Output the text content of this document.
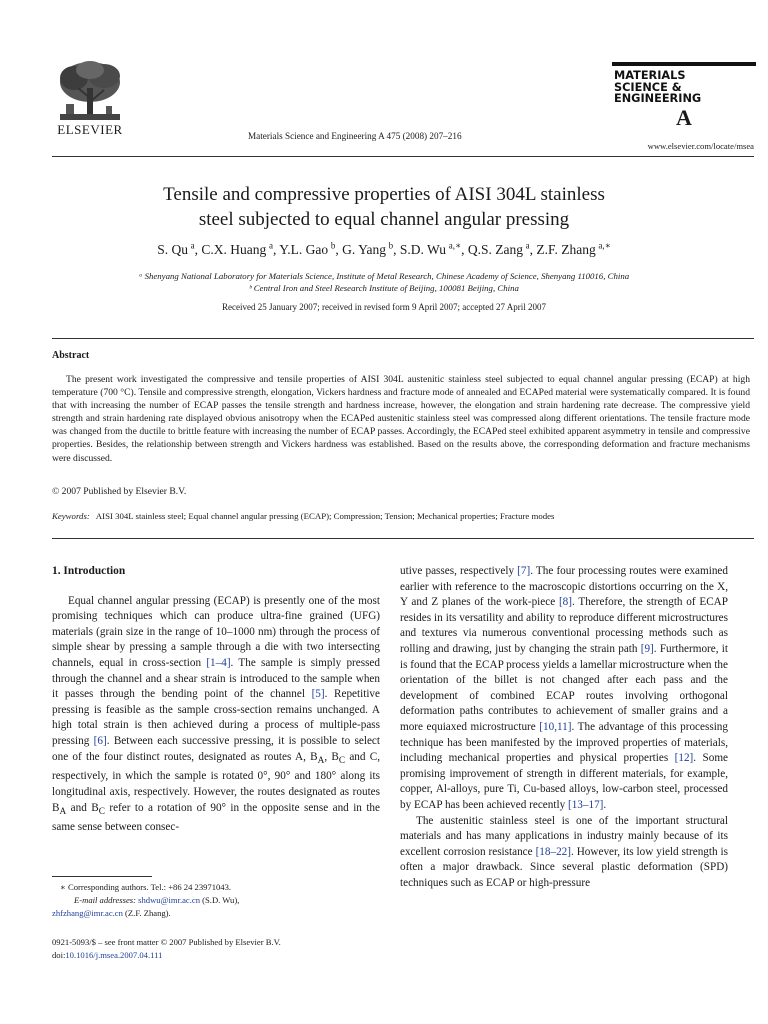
ELSEVIER	Materials Science and Engineering A 475 (2008) 207–216
MATERIALS
SCIENCE &
ENGINEERING
A
www.elsevier.com/locate/msea
Tensile and compressive properties of AISI 304L stainless
steel subjected to equal channel angular pressing
S. Qu  $^a$, C.X. Huang  $^a$, Y.L. Gao  $^b$, G. Yang  $^b$, S.D. Wu  $^{a,∗}$, Q.S. Zang  $^a$, Z.F. Zhang  $^{a,∗}$
ᵃ Shenyang National Laboratory for Materials Science, Institute of Metal Research, Chinese Academy of Science, Shenyang 110016, China
ᵇ Central Iron and Steel Research Institute of Beijing, 100081 Beijing, China
Received 25 January 2007; received in revised form 9 April 2007; accepted 27 April 2007
Abstract
The present work investigated the compressive and tensile properties of AISI 304L austenitic stainless steel subjected to equal channel angular pressing (ECAP) at high temperature (700 °C). Tensile and compressive strength, elongation, Vickers hardness and fracture mode of annealed and ECAPed material were systematically compared. It is found that with increasing the number of ECAP passes the tensile strength and hardness increase, however, the elongation and strain hardening rate decrease. The compressive yield strength and strain hardening rate displayed obvious anisotropy when the ECAPed austenitic stainless steel was compressed along different orientations. The tensile fracture mode was changed from the ductile to brittle feature with increasing the number of ECAP passes. Accordingly, the ECAPed steel exhibited apparent asymmetry in tensile and compressive properties. Besides, the relationship between strength and Vickers hardness was established. Based on the results above, the corresponding deformation and fracture mechanisms were discussed.
© 2007 Published by Elsevier B.V.
Keywords: AISI 304L stainless steel; Equal channel angular pressing (ECAP); Compression; Tension; Mechanical properties; Fracture modes
1. Introduction
Equal channel angular pressing (ECAP) is presently one of the most promising techniques which can produce ultra-fine grained (UFG) materials (grain size in the range of 10–1000 nm) through the process of simple shear by pressing a sample through a die with two intersecting channels, equal in cross-section [1–4]. The sample is simply pressed through the channel and a shear strain is introduced to the sample when it passes through the bending point of the channel [5]. Repetitive pressing is feasible as the sample cross-section remains unchanged. A high total strain is then achieved during a process of multiple-pass pressing [6]. Between each successive pressing, it is possible to select one of the four distinct routes, designated as routes A, $B_A$, $B_C$ and C, respectively, in which the sample is rotated 0°, 90° and 180° along its longitudinal axis, respectively. However, the routes designated as routes $B_A$ and $B_C$ refer to a rotation of 90° in the opposite sense and in the same sense between consec-
utive passes, respectively [7]. The four processing routes were examined earlier with reference to the macroscopic distortions occurring on the X, Y and Z planes of the work-piece [8]. Therefore, the strength of ECAP resides in its versatility and ability to reproduce different microstructures and textures via numerous conventional processing methods such as rolling and drawing, just by changing the strain path [9]. Furthermore, it is found that the ECAP process yields a lamellar microstructure when the orientation of the billet is not changed after each pass and the development of combined ECAP routes involving orthogonal deformation paths contributes to achievement of smaller grains and a more equiaxed microstructure [10,11]. The advantage of this processing technique has been manifested by the improved properties of materials, including mechanical properties and physical properties [12]. Some promising improvement of strength in different materials, for example, copper, Al-alloys, pure Ti, Cu-based alloys, low-carbon steel, processed by ECAP has been achieved recently [13–17].
The austenitic stainless steel is one of the important structural materials and has many applications in industry mainly because of its excellent corrosion resistance [18–22]. However, its low yield strength is often a major drawback. Since several plastic deformation (SPD) techniques such as ECAP or high-pressure
∗ Corresponding authors. Tel.: +86 24 23971043.
E-mail addresses: shdwu@imr.ac.cn (S.D. Wu),
zhfzhang@imr.ac.cn (Z.F. Zhang).
0921-5093/$ – see front matter © 2007 Published by Elsevier B.V.
doi:10.1016/j.msea.2007.04.111
